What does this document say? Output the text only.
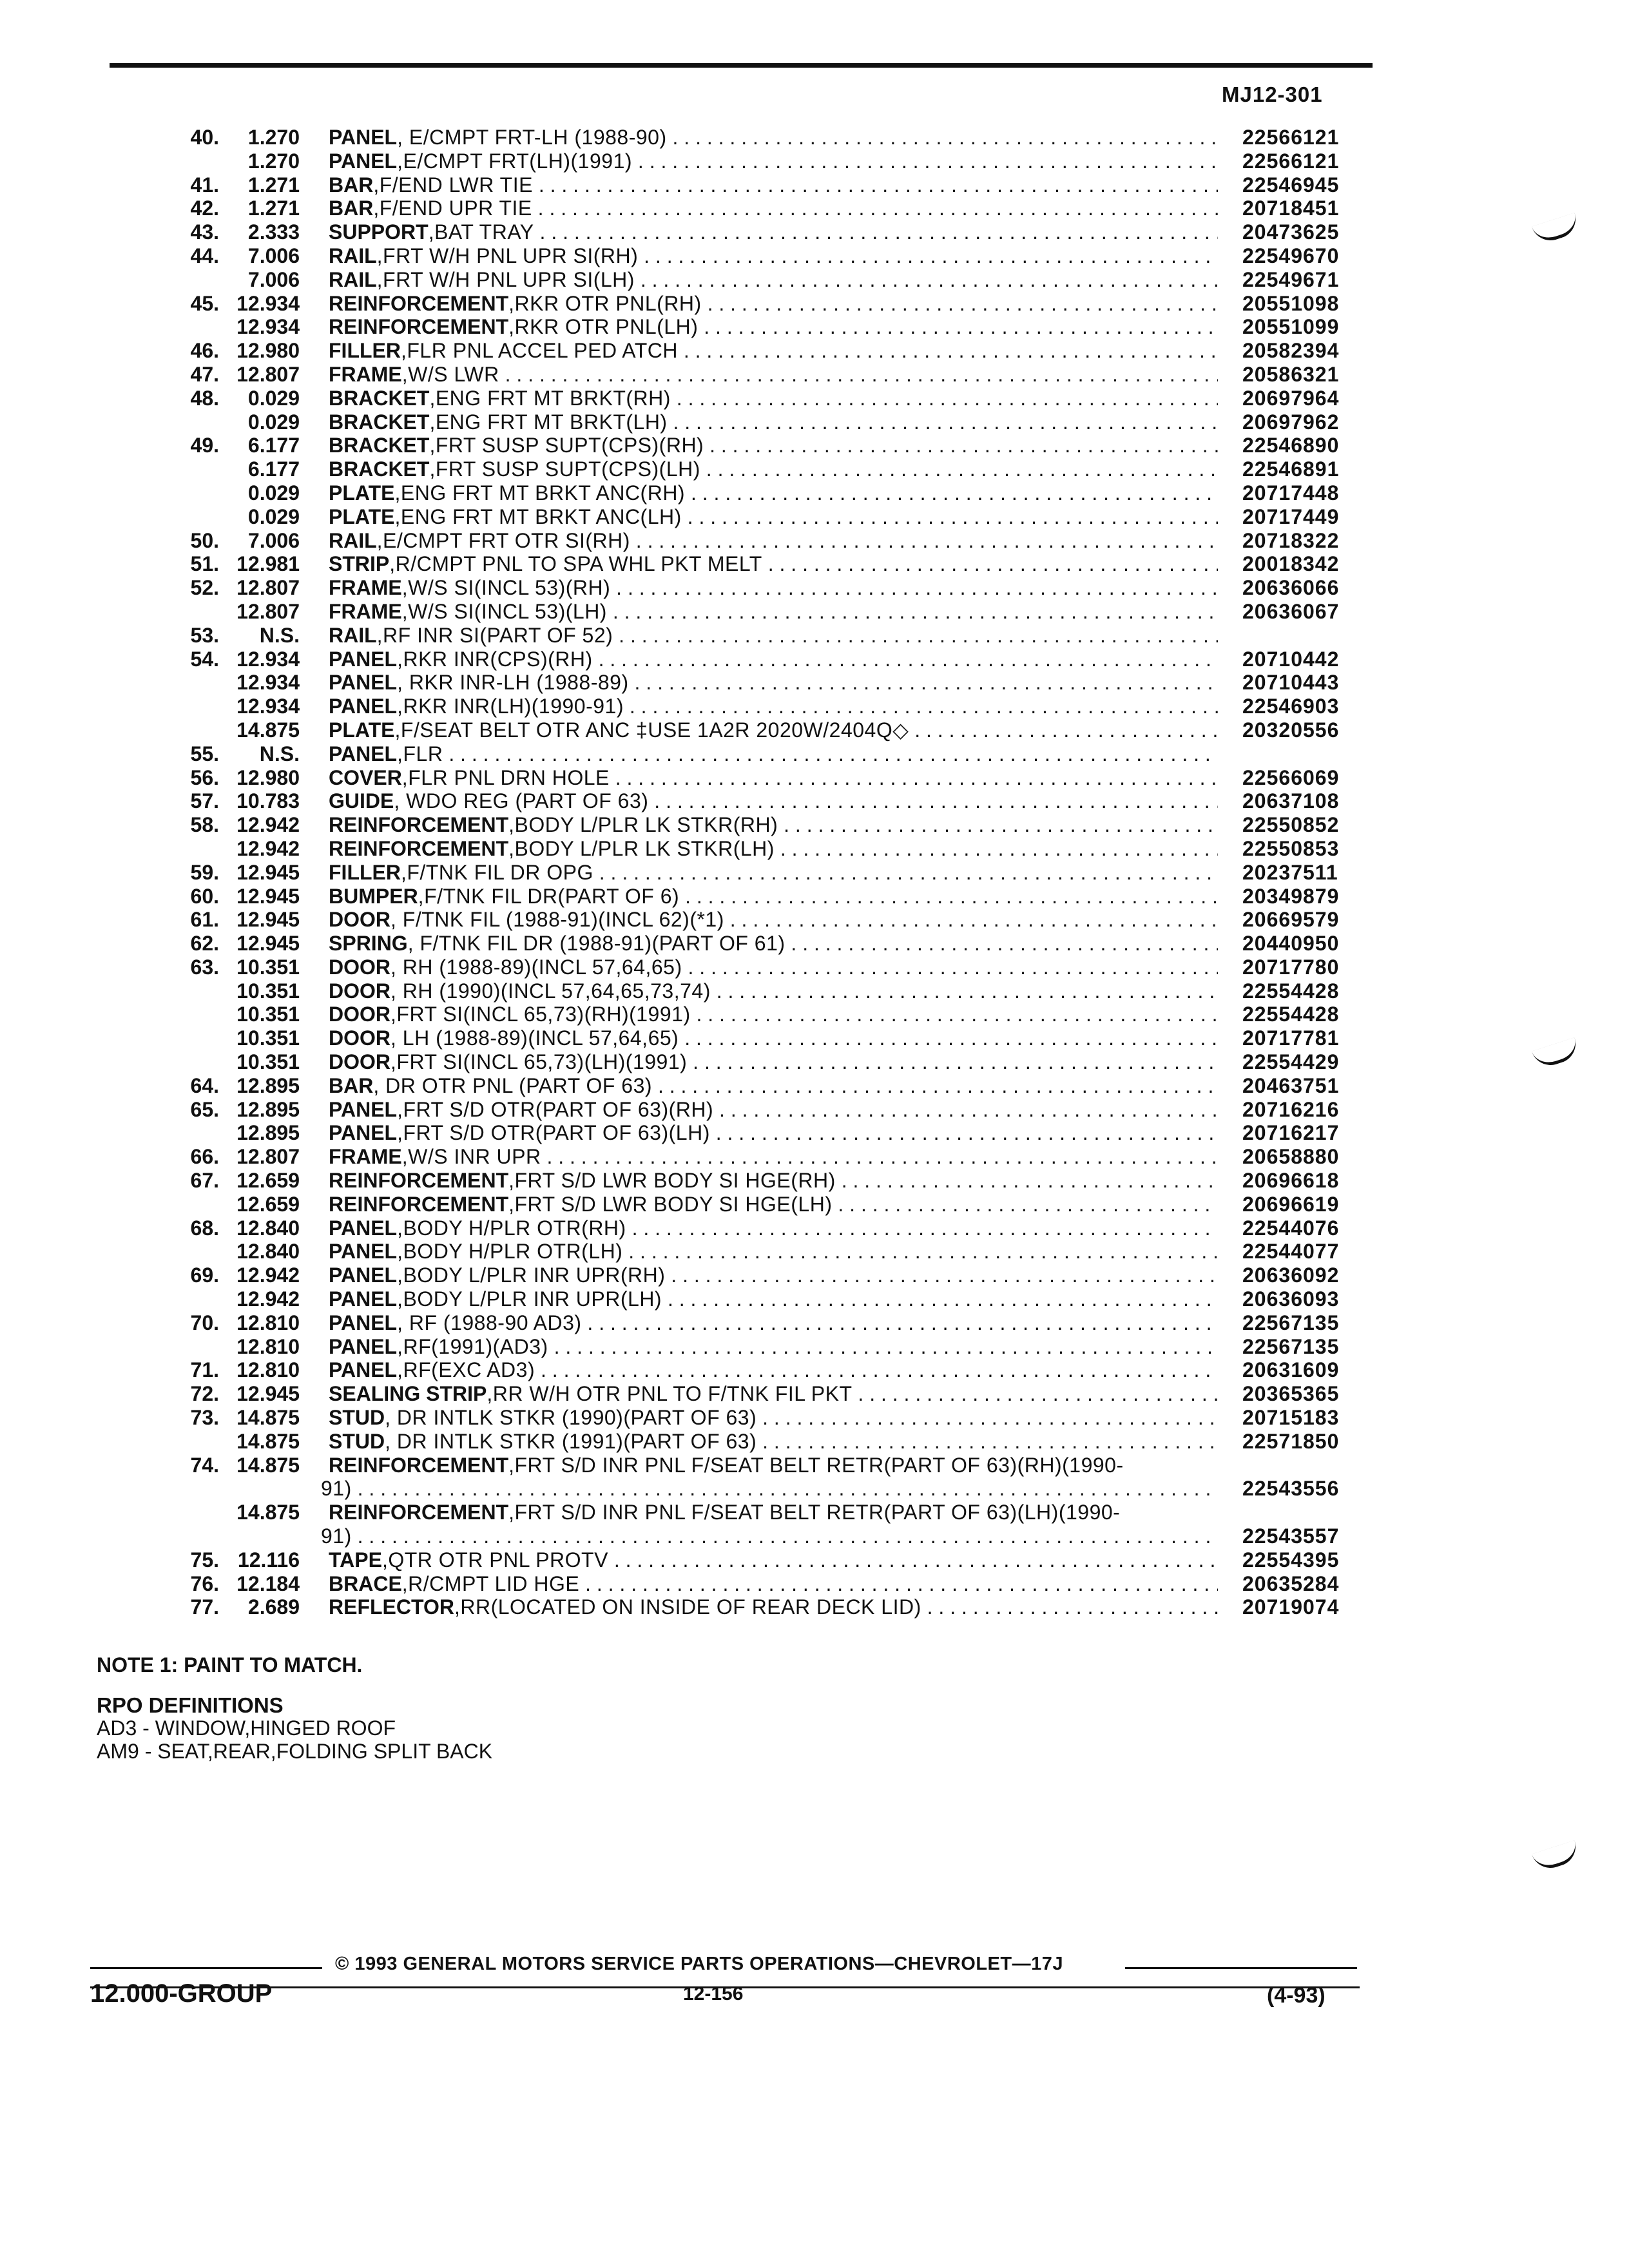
MJ12-301
40.	1.270 PANEL, E/CMPT FRT-LH (1988-90) . . .	22566121
1.270 PANEL,E/CMPT FRT(LH)(1991) . . .	22566121
41.	1.271 BAR,F/END LWR TIE . . .	22546945
42.	1.271 BAR,F/END UPR TIE . . .	20718451
43.	2.333 SUPPORT,BAT TRAY . . .	20473625
44.	7.006 RAIL,FRT W/H PNL UPR SI(RH) . . .	22549670
7.006 RAIL,FRT W/H PNL UPR SI(LH) . . .	22549671
45. 12.934 REINFORCEMENT,RKR OTR PNL(RH) . . .	20551098
12.934 REINFORCEMENT,RKR OTR PNL(LH) . . .	20551099
46. 12.980 FILLER,FLR PNL ACCEL PED ATCH . . .	20582394
47. 12.807 FRAME,W/S LWR . . .	20586321
48.	0.029 BRACKET,ENG FRT MT BRKT(RH) . . .	20697964
0.029 BRACKET,ENG FRT MT BRKT(LH) . . .	20697962
49.	6.177 BRACKET,FRT SUSP SUPT(CPS)(RH) . . .	22546890
6.177 BRACKET,FRT SUSP SUPT(CPS)(LH) . . .	22546891
0.029 PLATE,ENG FRT MT BRKT ANC(RH) . . .	20717448
0.029 PLATE,ENG FRT MT BRKT ANC(LH) . . .	20717449
50.	7.006 RAIL,E/CMPT FRT OTR SI(RH) . . .	20718322
51. 12.981 STRIP,R/CMPT PNL TO SPA WHL PKT MELT . . .	20018342
52. 12.807 FRAME,W/S SI(INCL 53)(RH) . . .	20636066
12.807 FRAME,W/S SI(INCL 53)(LH) . . .	20636067
53.	N.S. RAIL,RF INR SI(PART OF 52) . . .
54. 12.934 PANEL,RKR INR(CPS)(RH) . . .	20710442
12.934 PANEL, RKR INR-LH (1988-89) . . .	20710443
12.934 PANEL,RKR INR(LH)(1990-91) . . .	22546903
14.875 PLATE,F/SEAT BELT OTR ANC ‡USE 1A2R 2020W/2404Q◇ . . .	20320556
55.	N.S. PANEL,FLR . . .
56. 12.980 COVER,FLR PNL DRN HOLE . . .	22566069
57. 10.783 GUIDE, WDO REG (PART OF 63) . . .	20637108
58. 12.942 REINFORCEMENT,BODY L/PLR LK STKR(RH) . . .	22550852
12.942 REINFORCEMENT,BODY L/PLR LK STKR(LH) . . .	22550853
59. 12.945 FILLER,F/TNK FIL DR OPG . . .	20237511
60. 12.945 BUMPER,F/TNK FIL DR(PART OF 6) . . .	20349879
61. 12.945 DOOR, F/TNK FIL (1988-91)(INCL 62)(*1) . . .	20669579
62. 12.945 SPRING, F/TNK FIL DR (1988-91)(PART OF 61) . . .	20440950
63. 10.351 DOOR, RH (1988-89)(INCL 57,64,65) . . .	20717780
10.351 DOOR, RH (1990)(INCL 57,64,65,73,74) . . .	22554428
10.351 DOOR,FRT SI(INCL 65,73)(RH)(1991) . . .	22554428
10.351 DOOR, LH (1988-89)(INCL 57,64,65) . . .	20717781
10.351 DOOR,FRT SI(INCL 65,73)(LH)(1991) . . .	22554429
64. 12.895 BAR, DR OTR PNL (PART OF 63) . . .	20463751
65. 12.895 PANEL,FRT S/D OTR(PART OF 63)(RH) . . .	20716216
12.895 PANEL,FRT S/D OTR(PART OF 63)(LH) . . .	20716217
66. 12.807 FRAME,W/S INR UPR . . .	20658880
67. 12.659 REINFORCEMENT,FRT S/D LWR BODY SI HGE(RH) . . .	20696618
12.659 REINFORCEMENT,FRT S/D LWR BODY SI HGE(LH) . . .	20696619
68. 12.840 PANEL,BODY H/PLR OTR(RH) . . .	22544076
12.840 PANEL,BODY H/PLR OTR(LH) . . .	22544077
69. 12.942 PANEL,BODY L/PLR INR UPR(RH) . . .	20636092
12.942 PANEL,BODY L/PLR INR UPR(LH) . . .	20636093
70. 12.810 PANEL, RF (1988-90 AD3) . . .	22567135
12.810 PANEL,RF(1991)(AD3) . . .	22567135
71. 12.810 PANEL,RF(EXC AD3) . . .	20631609
72. 12.945 SEALING STRIP,RR W/H OTR PNL TO F/TNK FIL PKT . . .	20365365
73. 14.875 STUD, DR INTLK STKR (1990)(PART OF 63) . . .	20715183
14.875 STUD, DR INTLK STKR (1991)(PART OF 63) . . .	22571850
74. 14.875 REINFORCEMENT,FRT S/D INR PNL F/SEAT BELT RETR(PART OF 63)(RH)(1990-
91) . . .	22543556
14.875 REINFORCEMENT,FRT S/D INR PNL F/SEAT BELT RETR(PART OF 63)(LH)(1990-
91) . . .	22543557
75. 12.116 TAPE,QTR OTR PNL PROTV . . .	22554395
76. 12.184 BRACE,R/CMPT LID HGE . . .	20635284
77.	2.689 REFLECTOR,RR(LOCATED ON INSIDE OF REAR DECK LID) . . .	20719074
NOTE 1: PAINT TO MATCH.
RPO DEFINITIONS
AD3 - WINDOW,HINGED ROOF
AM9 - SEAT,REAR,FOLDING SPLIT BACK
© 1993 GENERAL MOTORS SERVICE PARTS OPERATIONS—CHEVROLET—17J
12.000-GROUP	12-156	(4-93)
